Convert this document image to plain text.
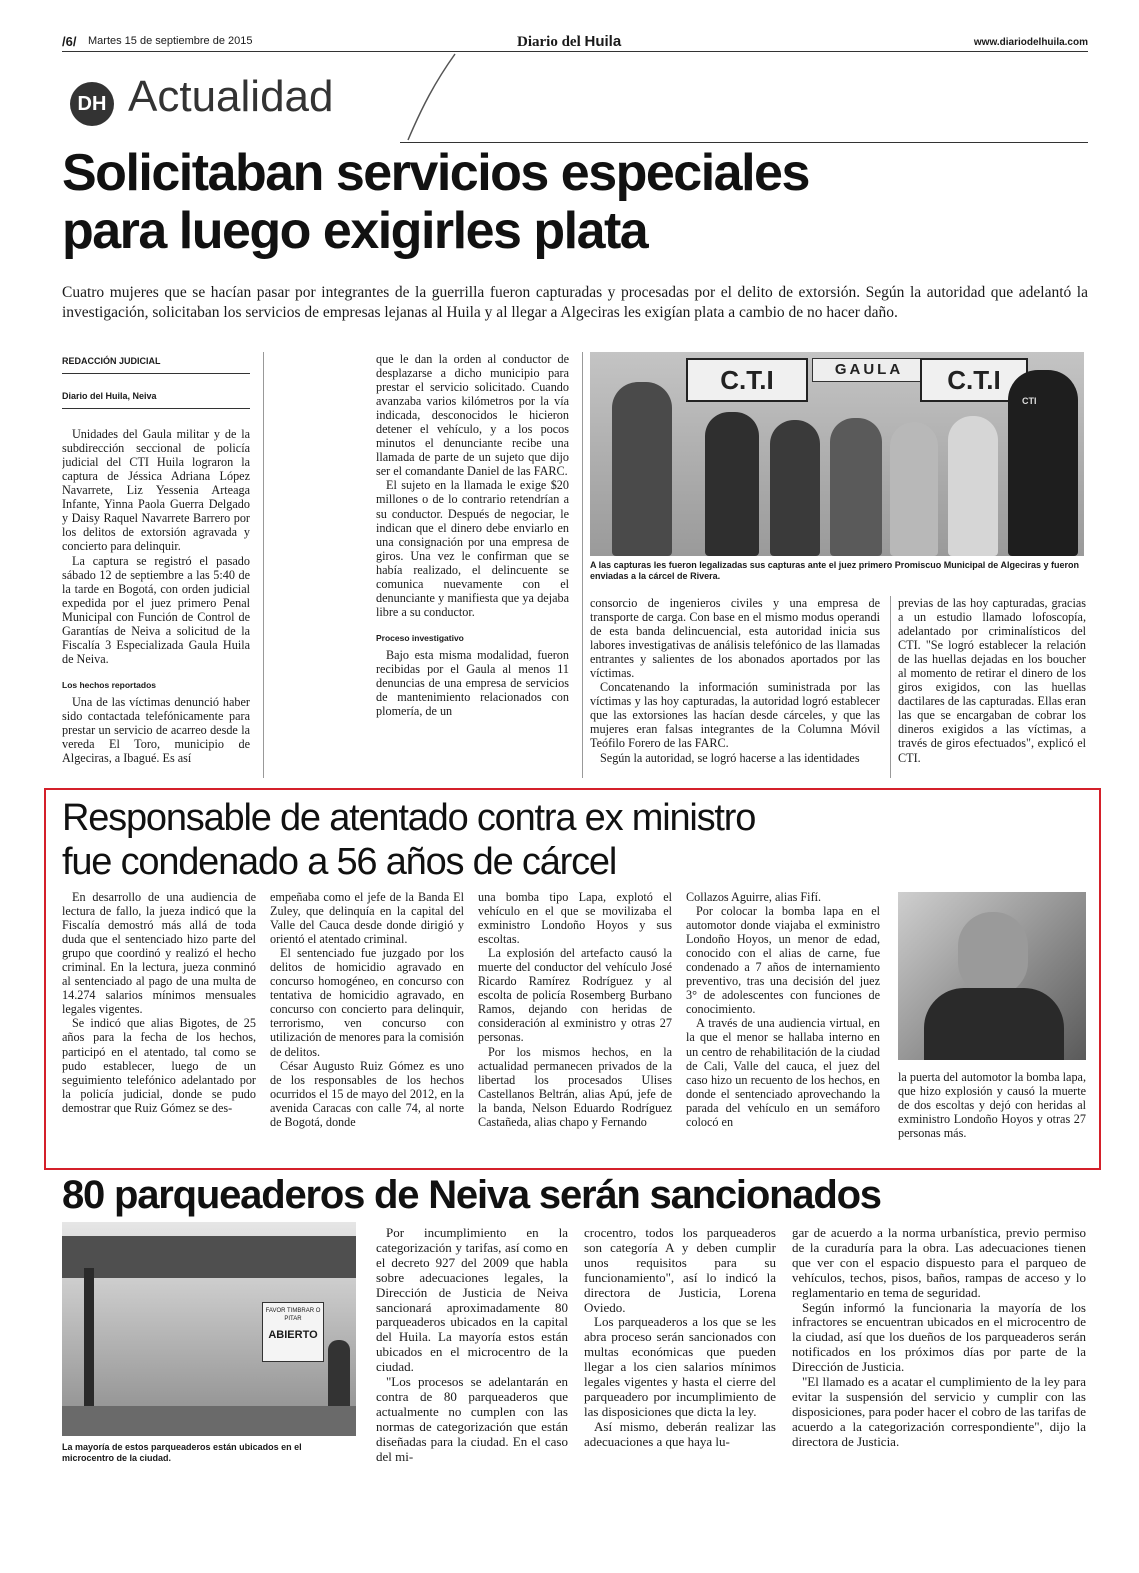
/6/ Martes 15 de septiembre de 2015	Diario del Huila	www.diariodelhuila.com
DH Actualidad
Solicitaban servicios especiales
para luego exigirles plata
Cuatro mujeres que se hacían pasar por integrantes de la guerrilla fueron capturadas y procesadas por el delito de extorsión. Según la autoridad que adelantó la investigación, solicitaban los servicios de empresas lejanas al Huila y al llegar a Algeciras les exigían plata a cambio de no hacer daño.
REDACCIÓN JUDICIAL
Diario del Huila, Neiva

Unidades del Gaula militar y de la subdirección seccional de policía judicial del CTI Huila lograron la captura de Jéssica Adriana López Navarrete, Liz Yessenia Arteaga Infante, Yinna Paola Guerra Delgado y Daisy Raquel Navarrete Barrero por los delitos de extorsión agravada y concierto para delinquir.

La captura se registró el pasado sábado 12 de septiembre a las 5:40 de la tarde en Bogotá, con orden judicial expedida por el juez primero Penal Municipal con Función de Control de Garantías de Neiva a solicitud de la Fiscalía 3 Especializada Gaula Huila de Neiva.

Los hechos reportados

Una de las víctimas denunció haber sido contactada telefónicamente para prestar un servicio de acarreo desde la vereda El Toro, municipio de Algeciras, a Ibagué. Es así

que le dan la orden al conductor de desplazarse a dicho municipio para prestar el servicio solicitado. Cuando avanzaba varios kilómetros por la vía indicada, desconocidos le hicieron detener el vehículo, y a los pocos minutos el denunciante recibe una llamada de parte de un sujeto que dijo ser el comandante Daniel de las FARC.

El sujeto en la llamada le exige $20 millones o de lo contrario retendrían a su conductor. Después de negociar, le indican que el dinero debe enviarlo en una consignación por una empresa de giros. Una vez le confirman que se había realizado, el delincuente se comunica nuevamente con el denunciante y manifiesta que ya dejaba libre a su conductor.

Proceso investigativo

Bajo esta misma modalidad, fueron recibidas por el Gaula al menos 11 denuncias de una empresa de servicios de mantenimiento relacionados con plomería, de un

C.T.I	GAULA	C.T.I
CTI
A las capturas les fueron legalizadas sus capturas ante el juez primero Promiscuo Municipal de Algeciras y fueron enviadas a la cárcel de Rivera.

consorcio de ingenieros civiles y una empresa de transporte de carga. Con base en el mismo modus operandi de esta banda delincuencial, esta autoridad inicia sus labores investigativas de análisis telefónico de las llamadas entrantes y salientes de los abonados aportados por las víctimas.

Concatenando la información suministrada por las víctimas y las hoy capturadas, la autoridad logró establecer que las extorsiones las hacían desde cárceles, y que las mujeres eran falsas integrantes de la Columna Móvil Teófilo Forero de las FARC.

Según la autoridad, se logró hacerse a las identidades

previas de las hoy capturadas, gracias a un estudio llamado lofoscopía, adelantado por criminalísticos del CTI. "Se logró establecer la relación de las huellas dejadas en los boucher al momento de retirar el dinero de los giros exigidos, con las huellas dactilares de las capturadas. Ellas eran las que se encargaban de cobrar los dineros exigidos a las víctimas, a través de giros efectuados", explicó el CTI.

Responsable de atentado contra ex ministro
fue condenado a 56 años de cárcel

En desarrollo de una audiencia de lectura de fallo, la jueza indicó que la Fiscalía demostró más allá de toda duda que el sentenciado hizo parte del grupo que coordinó y realizó el hecho criminal. En la lectura, jueza conminó al sentenciado al pago de una multa de 14.274 salarios mínimos mensuales legales vigentes.

Se indicó que alias Bigotes, de 25 años para la fecha de los hechos, participó en el atentado, tal como se pudo establecer, luego de un seguimiento telefónico adelantado por la policía judicial, donde se pudo demostrar que Ruiz Gómez se des-

empeñaba como el jefe de la Banda El Zuley, que delinquía en la capital del Valle del Cauca desde donde dirigió y orientó el atentado criminal.

El sentenciado fue juzgado por los delitos de homicidio agravado en concurso homogéneo, en concurso con tentativa de homicidio agravado, en concurso con concierto para delinquir, terrorismo, ven concurso con utilización de menores para la comisión de delitos.

César Augusto Ruiz Gómez es uno de los responsables de los hechos ocurridos el 15 de mayo del 2012, en la avenida Caracas con calle 74, al norte de Bogotá, donde

una bomba tipo Lapa, explotó el vehículo en el que se movilizaba el exministro Londoño Hoyos y sus escoltas.

La explosión del artefacto causó la muerte del conductor del vehículo José Ricardo Ramírez Rodríguez y al escolta de policía Rosemberg Burbano Ramos, dejando con heridas de consideración al exministro y otras 27 personas.

Por los mismos hechos, en la actualidad permanecen privados de la libertad los procesados Ulises Castellanos Beltrán, alias Apú, jefe de la banda, Nelson Eduardo Rodríguez Castañeda, alias chapo y Fernando

Collazos Aguirre, alias Fifí.

Por colocar la bomba lapa en el automotor donde viajaba el exministro Londoño Hoyos, un menor de edad, conocido con el alias de carne, fue condenado a 7 años de internamiento preventivo, tras una decisión del juez 3° de adolescentes con funciones de conocimiento.

A través de una audiencia virtual, en la que el menor se hallaba interno en un centro de rehabilitación de la ciudad de Cali, Valle del cauca, el juez del caso hizo un recuento de los hechos, en donde el sentenciado aprovechando la parada del vehículo en un semáforo colocó en

la puerta del automotor la bomba lapa, que hizo explosión y causó la muerte de dos escoltas y dejó con heridas al exministro Londoño Hoyos y otras 27 personas más.

80 parqueaderos de Neiva serán sancionados
FAVOR TIMBRAR O PITAR
ABIERTO
La mayoría de estos parqueaderos están ubicados en el microcentro de la ciudad.

Por incumplimiento en la categorización y tarifas, así como en el decreto 927 del 2009 que habla sobre adecuaciones legales, la Dirección de Justicia de Neiva sancionará aproximadamente 80 parqueaderos ubicados en la capital del Huila. La mayoría estos están ubicados en el microcentro de la ciudad.

"Los procesos se adelantarán en contra de 80 parqueaderos que actualmente no cumplen con las normas de categorización que están diseñadas para la ciudad. En el caso del mi-

crocentro, todos los parqueaderos son categoría A y deben cumplir unos requisitos para su funcionamiento", así lo indicó la directora de Justicia, Lorena Oviedo.

Los parqueaderos a los que se les abra proceso serán sancionados con multas económicas que pueden llegar a los cien salarios mínimos legales vigentes y hasta el cierre del parqueadero por incumplimiento de las disposiciones que dicta la ley.

Así mismo, deberán realizar las adecuaciones a que haya lu-

gar de acuerdo a la norma urbanística, previo permiso de la curaduría para la obra. Las adecuaciones tienen que ver con el espacio dispuesto para el parqueo de vehículos, techos, pisos, baños, rampas de acceso y lo reglamentario en tema de seguridad.

Según informó la funcionaria la mayoría de los infractores se encuentran ubicados en el microcentro de la ciudad, así que los dueños de los parqueaderos serán notificados en los próximos días por parte de la Dirección de Justicia.

"El llamado es a acatar el cumplimiento de la ley para evitar la suspensión del servicio y cumplir con las disposiciones, para poder hacer el cobro de las tarifas de acuerdo a la categorización correspondiente", dijo la directora de Justicia.
